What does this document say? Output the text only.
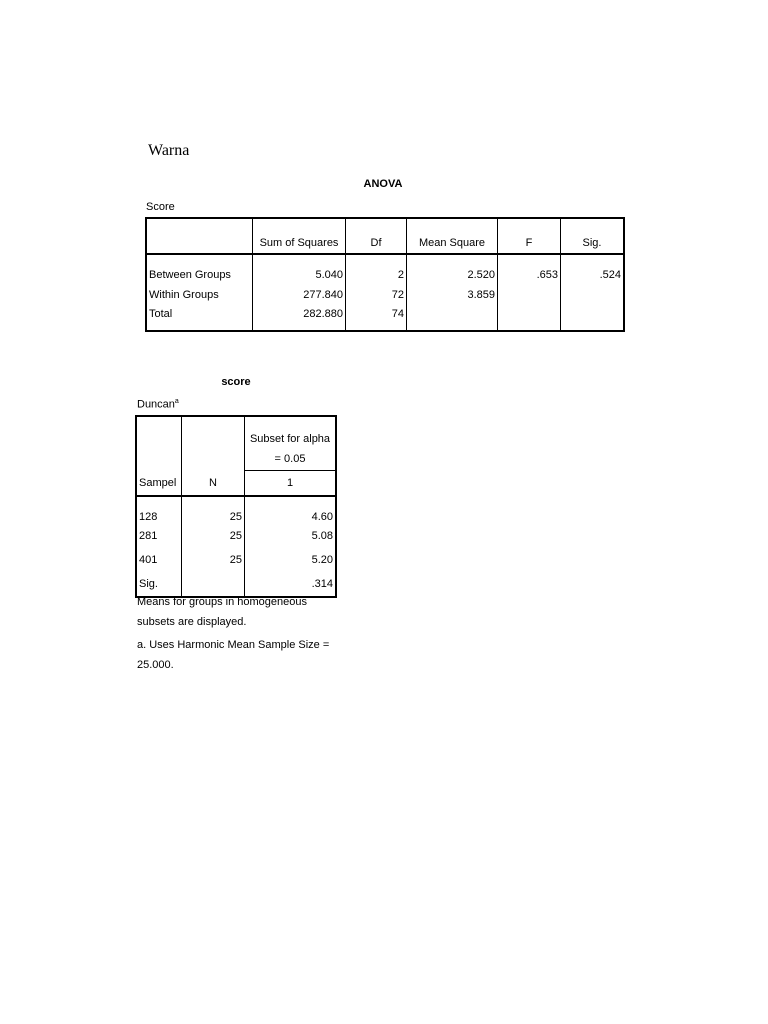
Warna
ANOVA
Score
	Sum of Squares	Df	Mean Square	F	Sig.
Between Groups	5.040	2	2.520	.653	.524
Within Groups	277.840	72	3.859		
Total	282.880	74			
score
Duncan$^a$
		Subset for alpha
		= 0.05
Sampel	N	1
128	25	4.60
281	25	5.08
401	25	5.20
Sig.		.314
Means for groups in homogeneous subsets are displayed.
a. Uses Harmonic Mean Sample Size = 25.000.
